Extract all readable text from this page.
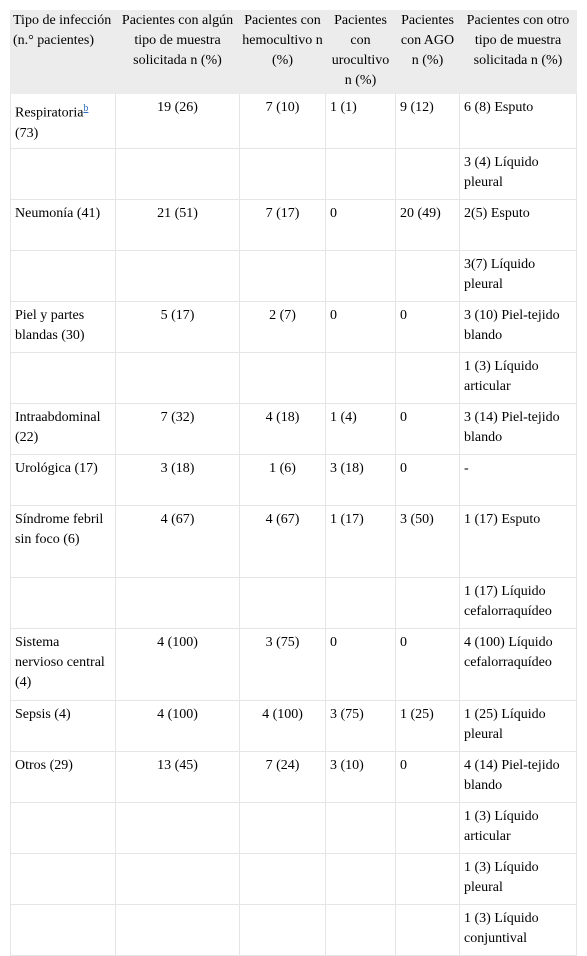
Tipo de infección (n.° pacientes)	Pacientes con algún tipo de muestra solicitada n (%)	Pacientes con hemocultivo n (%)	Pacientes con urocultivo n (%)	Pacientes con AGO n (%)	Pacientes con otro tipo de muestra solicitada n (%)
Respiratoria$^b$ (73)	19 (26)	7 (10)	1 (1)	9 (12)	6 (8) Esputo
					3 (4) Líquido pleural
Neumonía (41)	21 (51)	7 (17)	0	20 (49)	2(5) Esputo
					3(7) Líquido pleural
Piel y partes blandas (30)	5 (17)	2 (7)	0	0	3 (10) Piel-tejido blando
					1 (3) Líquido articular
Intraabdominal (22)	7 (32)	4 (18)	1 (4)	0	3 (14) Piel-tejido blando
Urológica (17)	3 (18)	1 (6)	3 (18)	0	-
Síndrome febril sin foco (6)	4 (67)	4 (67)	1 (17)	3 (50)	1 (17) Esputo
					1 (17) Líquido cefalorraquídeo
Sistema nervioso central (4)	4 (100)	3 (75)	0	0	4 (100) Líquido cefalorraquídeo
Sepsis (4)	4 (100)	4 (100)	3 (75)	1 (25)	1 (25) Líquido pleural
Otros (29)	13 (45)	7 (24)	3 (10)	0	4 (14) Piel-tejido blando
					1 (3) Líquido articular
					1 (3) Líquido pleural
					1 (3) Líquido conjuntival
